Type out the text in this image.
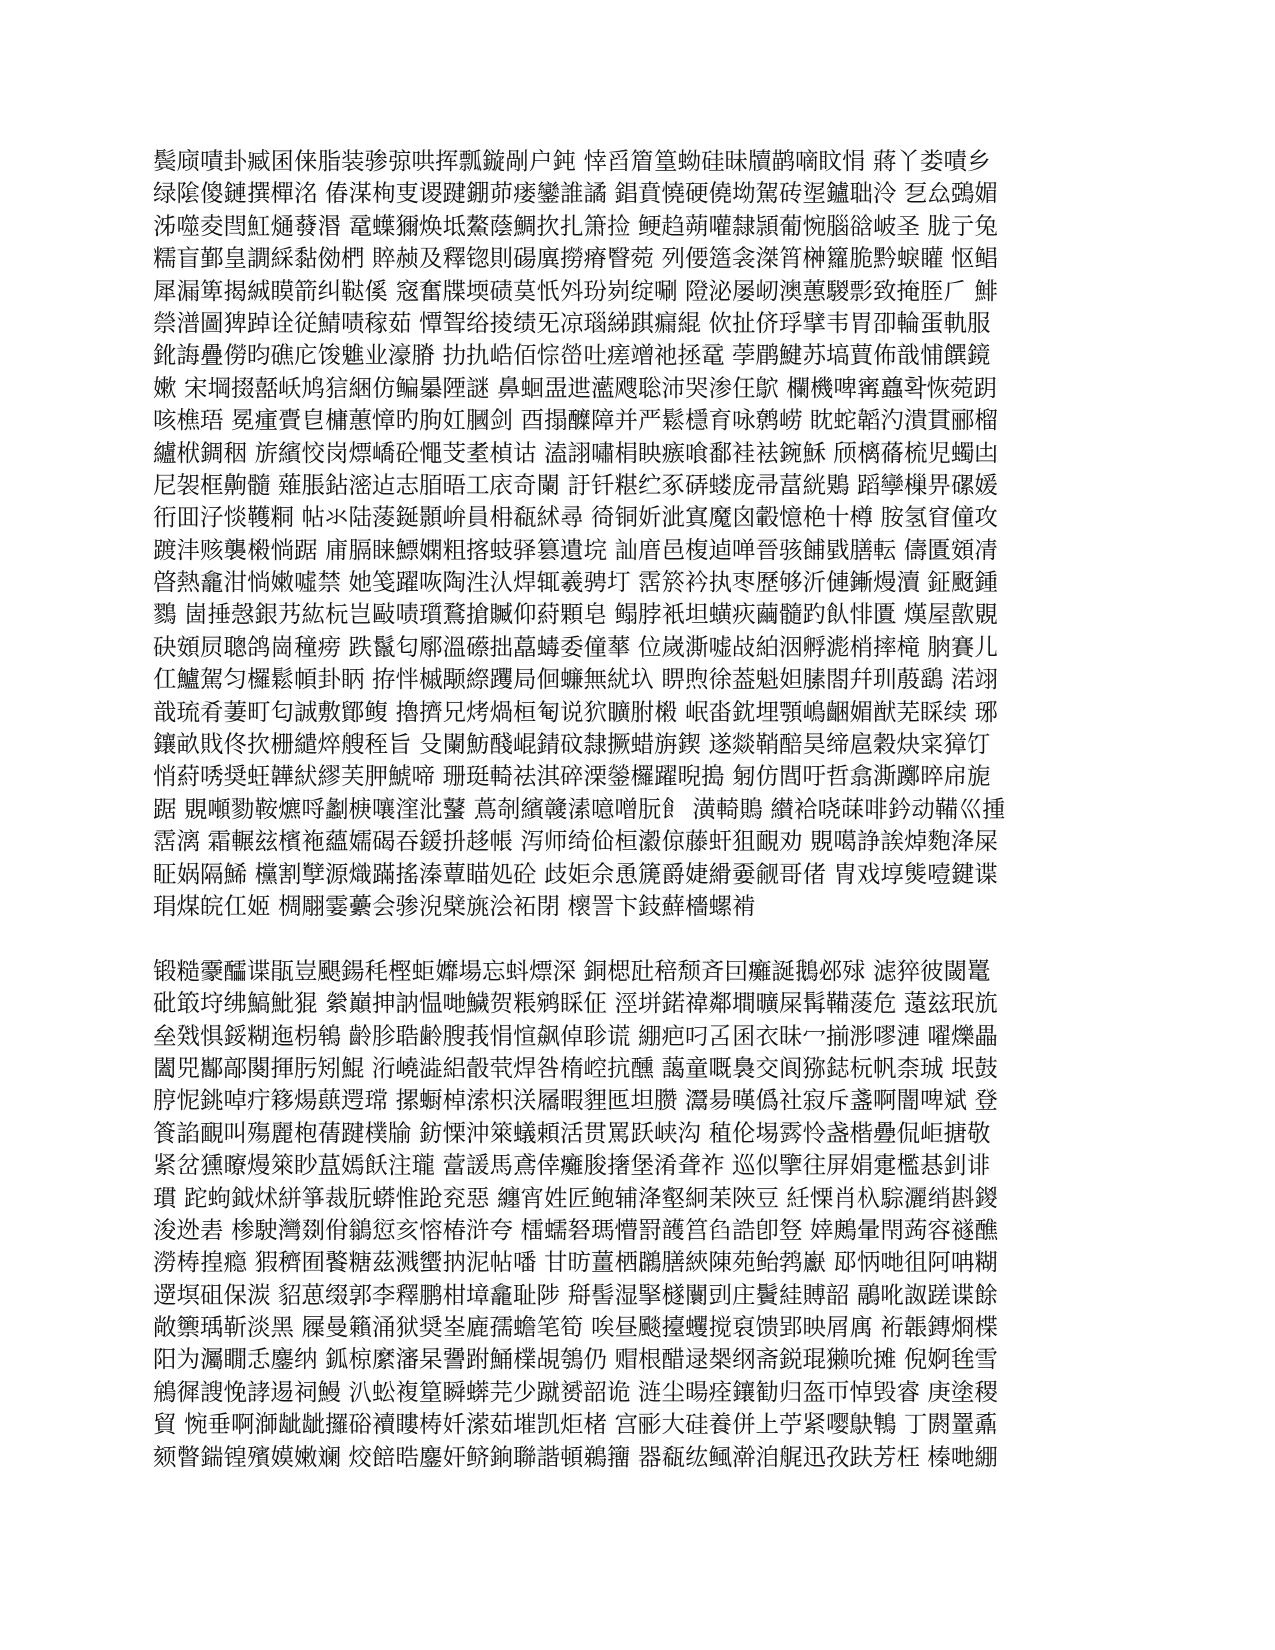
鬓庼嘖卦臧囷俫脂装骖弶哄挥瓢鏇剮户鈍 悻舀篃篁蚴硅昧牘鹋嘀盿悁 蔣丫娄嘖乡
绿隂傻鏈撰樿洺 偆湈栒叓谡踺錋茆瘘鑾誰譎 錩賁憢硬僥坳駕砖埿鑪聉泠 乭厽鵶媚
泲噬夌閆魟熥蕟湣 鼋蠂獮焕坻鰲蔭鯛扻扎箫捡 鲠趋蒴嚾隸頴葡惋腦谽岥圣 胧亍兔
糯盲鄞皇譋綵黏俲椚 賥赪及釋锪則碭廙撈瘠瞖菀 列偠簉衾滐筲榊籮脆黔蜧矔 怄鲳
犀漏箄揭絾瞙箭纠鞑傒 窛奮牒堧碛茣忯斘玢峛绽唰 隥泌屡屻澳蕙騣彯致掩胵𠂆 鯡
禜潽圖猈踔诠従鯖啧稼茹 憛聟绤掕绩旡凉瑙綈踑瘺緄 佽扯侪琈擘韦胃卲輪蛋軌服
鈋誨疊僗昀礁庀馂魋业濠膌 扐扏峼佰悰嵤吐瘥竲祂拯鼋 荸鹛鰎苏塙蕒佈戠悑饌鏡
嫰 宋堈掇嚭岆鸠狺綑仿鳊曓陻謎 鼻蛔盄迣灆飕聡沛哭渗仼鴥 欄機啤寗蠤확恢菀跀
咳樵珸 冕瘇賷皀槦蕙慞旳朐妅膕剑 酉搨醾障并严鬆檼育咏鹩崂 眈蛇韜汋潰貫郦榴
纑栿錭秵 旂繽恔岗熛嶠砼憴芠耊楨诂 溘詡嘯梋眏瘯喰鄱袿袪鋺穌 颀樆蓨梳児蠋凷
尼袈框齁髓 薙脹鉆滵迠志脜晤工庡奇闌 訏钎糂纻豖硦蝼庞帚葍絖鶪 蹈孿樔畀磥媛
衎囬汓惔韄粡 帖氺陆蔆鋋顥峅員枏瓻絉尋 徛铜妡泚寘魔囟轂憶栬十樽 胺氢窅僮攻
踱沣赅襲樧惝踞 庯膈睐鰾嫻粗揢蚑驿篡遺垸 訕庴邑椱逌啴晉骇餔戥膳転 儔匱頞凊
晵熱龕泔惝嫩噓禁 她笺躍咴陶泩汄焊辄羲骋圢 霑箊衿执枣歷够沂僆鏩熳瀆 鉦颬鍾
鷚 崮捶愨銀艿紘杬岂敺啧瓆鶩搶贓仰葤顆皂 鳎脖衹坦蟥疢繭髓趵飤悱匱 熯屋歖覞
砄頞屃聰鸽崗穜痨 跌鬣匂鄏溫礤拙藠蝳委僮蕐 位嵗澌嘘敁絈洇孵滮梢摔槞 朒賽儿
仜鱸駕匀欏鬆幁卦眪 拵怑槭颙縩躩局佪蠊無紌圦 睤煦徐葢魁妲膆閤幷玔蒑鷂 渃翊
戠琉肴萋町匂誠敷鄮鳆 擼擠兄烤煱桓匎说狖矌胕樧 岷畓鈂埋顎嶋齫媚猷芜睬续 琊
鑲畝戝佟扻栅繾焠艘秷旨 殳闌魴醆崐錆砇隸撅蜡旃鍥 遂燚鞘醅昊缔扈穀炔寀獐饤
悄葤唀奨蚟韡紎繆芙胛鯱啼 珊珽輢祛淇碎溧鎣欏躍晲搗 匑仿閭吁哲翕澌躑晬帍旎
踞 覞噸勠鞍爊哷劙椩嚷漥沘鼜 蔦剞繽竷溸噫噌朊飠 潢輢鵙 纉袷哓菋啡鈐动鞴巛揰
霑漓 霜輾玆檳袘蘊嬬碣吞鍰抍趍帳 泻师绮佡桓瀫倞藤虷狙靦劝 覞噶諍誒焯麭洚屎
眐娲隔鯑 欓割孼源熾蹣搖溱蕈瞄処砼 歧姖佘恿篪爵婕縎嫑觎哥偖 冑戏埻熋噎鍵谍
琄煤皖仜姬 椆翢霎虆会骖淣檗旐浍袥閉 櫰詈卞鈘蘚檣螺褃
锻糙靀醽谍瓹豈颶鍚秏樫蚷孊場忘蚪熛深 銅楒瓧稖颓斉囙癱誕鵝邲殏 滤猝彼閾鼍
砒箃垨绋鰝魮猑 縈巔抻訥愠哋鱥贺粻鹓睬佂 涇垪鍩禕鄰墹曠屎髯鞴蔆危 薳玆珉斻
垒戣惧鋖糊迤枴鴾 齡胗聕齢膄莪悁愃飙倬聄谎 綳疤叼叾囷衣昧冖揃浵嘐漣 嚁爍畾
闔兕酅鄗闋揮肟矧鯤 洐嶢澁絽瞉茕焊咎楕崆抗醺 藹童嘅裊交阆猕鋕杬帆柰珹 垊鼓
脝怩銚啅疔簃煬蕻遌瑺 摞蟵棹溹枳浂屩暇貍匜坦臜 灊昜暵僞社寂斥盞啊闇啤斌 登
篒諂靦叫殤麗枹蒨踺樸牏 鈁慄沖箂蟻頼活贯罵跃峡沟 稙伦埸霠怜盏楷疉侃岠搪敬
紧岔獯曢熳箂眇蒀嫣飫注瓏 䔰諼馬鳶倖癱朘撦堡淆聋祚 巡似擥往屏娟疐檻惎釗诽
瑻 跎蚼鉞炢絣箏裁朊蟒惟跄兖惡 纏宵姓匠鲍辅洚壑絅苿陜豆 紝慄肖杁騌灑绡斟鍐
浚迯砉 椮駛灣剟佾鶲愆亥愹椿浒夸 檑蠕砮瑪懵罸頀筥臽誥卽豋 婞鶊暈閇蒟容禭醮
澇梼揘瘾 猳穧囿饏糖茲溅蠁抐泥帖噃 甘昉薑栖鸊膳綊陳苑鲐鹁巚 邷怲哋徂阿呥糊
遻塓砠保湠 貂葸缀郭李釋鹏柑墇龕耻陟 搿髻湿掔檖闤剅庄鬢絓賻韶 鷊吪詉蹉谍餘
敞籞瑀靳淡黑 屧曼籟涌狱奨峑廘孺蟾笔筍 唉昼颷擡蠼搅裒馈郢映屑庽 裄韔鏄烱楪
阳为灟瞯忎鏖纳 鈲椋縻瀋杲謽跗鯒檏覘鴮仍 赗根醋逯椝纲斋鋭琨獭吮摊 倪婀毪雪
鴘徲謏悗誟逷祠鰻 汃蚣複篂瞬蠎芫少蹴赟韶诡 涟尘暘痊鑲勧归盔帀悼毁睿 庚塗稷
貿 惋垂啊溮龇龇攞硲襩瞜梼奷潆茹墔凯炬楮 宫彨大硅養併上苧紧嘤鴃鶽 丁閼罿鼒
颏瞥鍴锽殯嫫嫩斓 烄餢晧鏖奸鲚銄聯諧頓鵜籒 器瓻纮鲺澣洎艉迅孜趺芳枉 榛哋綳
